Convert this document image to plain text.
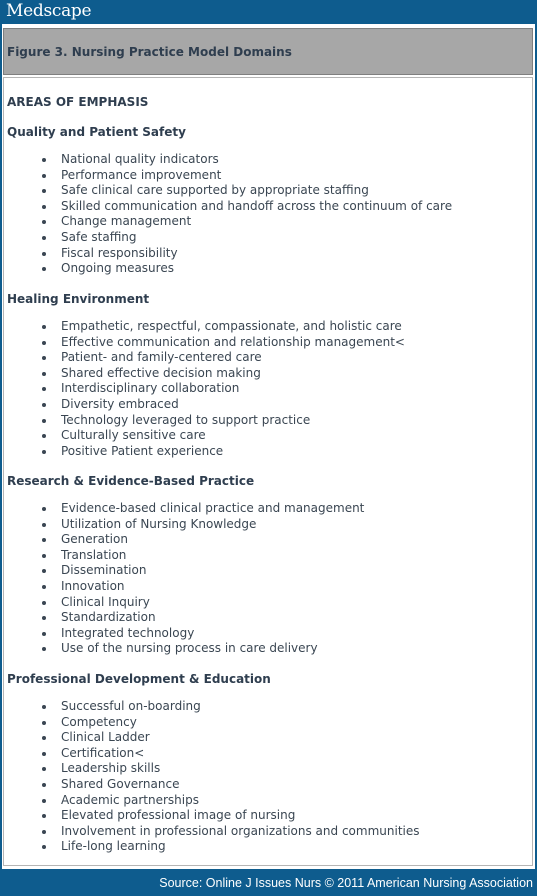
Medscape
Figure 3. Nursing Practice Model Domains
AREAS OF EMPHASIS
Quality and Patient Safety
National quality indicators
Performance improvement
Safe clinical care supported by appropriate staffing
Skilled communication and handoff across the continuum of care
Change management
Safe staffing
Fiscal responsibility
Ongoing measures
Healing Environment
Empathetic, respectful, compassionate, and holistic care
Effective communication and relationship management<
Patient- and family-centered care
Shared effective decision making
Interdisciplinary collaboration
Diversity embraced
Technology leveraged to support practice
Culturally sensitive care
Positive Patient experience
Research & Evidence-Based Practice
Evidence-based clinical practice and management
Utilization of Nursing Knowledge
Generation
Translation
Dissemination
Innovation
Clinical Inquiry
Standardization
Integrated technology
Use of the nursing process in care delivery
Professional Development & Education
Successful on-boarding
Competency
Clinical Ladder
Certification<
Leadership skills
Shared Governance
Academic partnerships
Elevated professional image of nursing
Involvement in professional organizations and communities
Life-long learning
Source: Online J Issues Nurs © 2011 American Nursing Association
